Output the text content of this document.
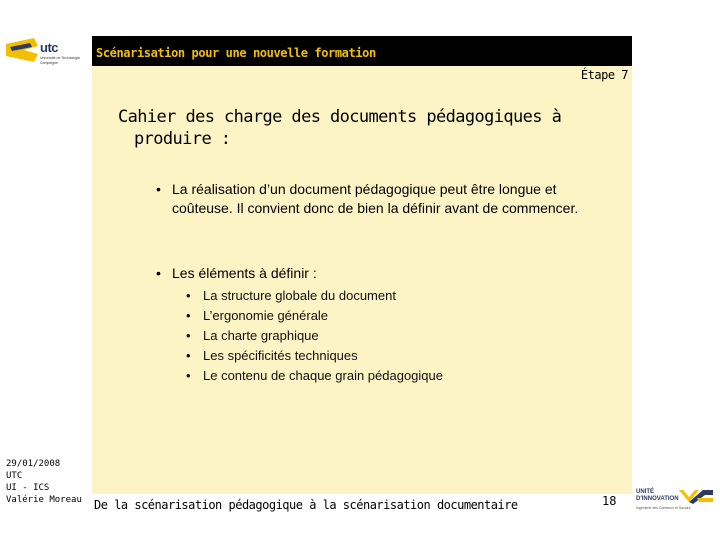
utc
Université de Technologie Compiègne
Scénarisation pour une nouvelle formation
Étape 7
Cahier des charge des documents pédagogiques à
produire :
• La réalisation d’un document pédagogique peut être longue et coûteuse. Il convient donc de bien la définir avant de commencer.
• Les éléments à définir :
• La structure globale du document
• L’ergonomie générale
• La charte graphique
• Les spécificités techniques
• Le contenu de chaque grain pédagogique
29/01/2008
UTC
UI - ICS
Valérie Moreau De la scénarisation pédagogique à la scénarisation documentaire	18
UNITÉ
D'INNOVATION
Ingénierie des Contenus et Savoirs
